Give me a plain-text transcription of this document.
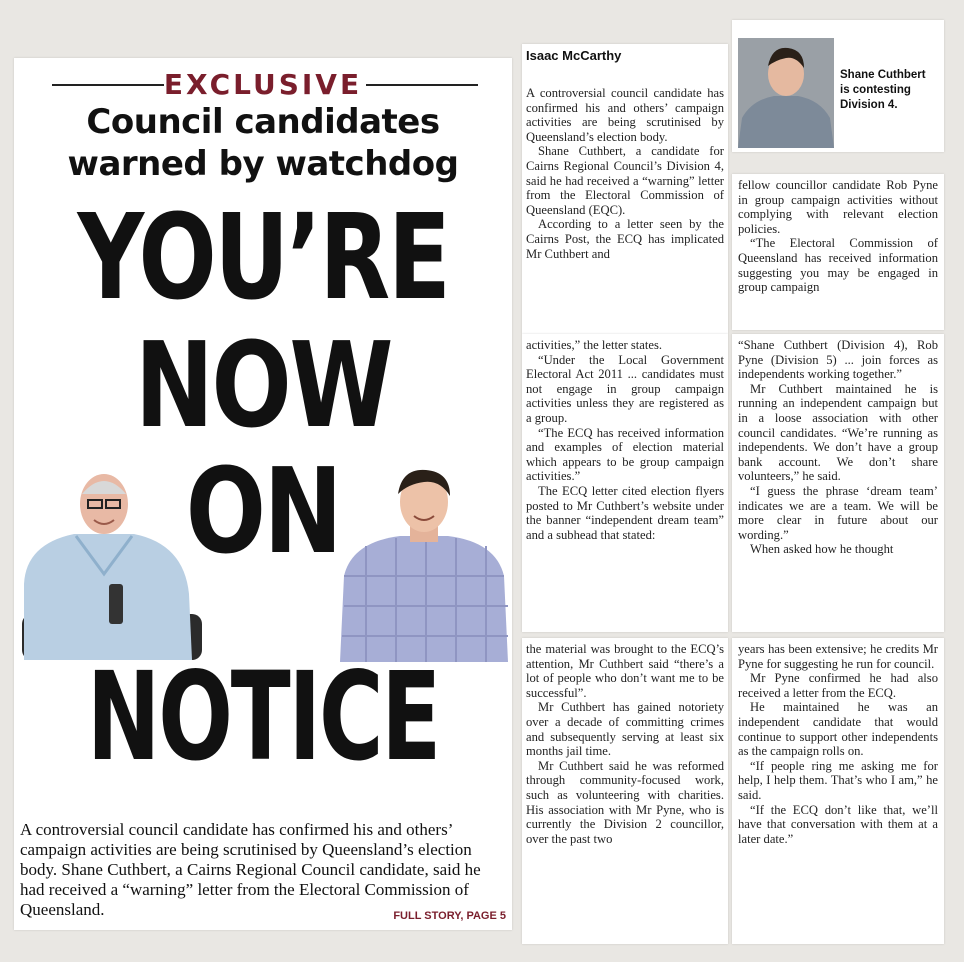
EXCLUSIVE
Council candidates
warned by watchdog
YOU’RE
NOW
ON
NOTICE
A controversial council candidate has confirmed his and others’ campaign activities are being scrutinised by Queensland’s election body. Shane Cuthbert, a Cairns Regional Council candidate, said he had received a “warning” letter from the Electoral Commission of Queensland.	FULL STORY, PAGE 5
Isaac McCarthy

A controversial council candidate has confirmed his and others’ campaign activities are being scrutinised by Queensland’s election body.

Shane Cuthbert, a candidate for Cairns Regional Council’s Division 4, said he had received a “warning” letter from the Electoral Commission of Queensland (EQC).

According to a letter seen by the Cairns Post, the ECQ has implicated Mr Cuthbert and

Shane Cuthbert is contesting Division 4.

fellow councillor candidate Rob Pyne in group campaign activities without complying with relevant election policies.

“The Electoral Commission of Queensland has received information suggesting you may be engaged in group campaign

activities,” the letter states.

“Under the Local Government Electoral Act 2011 ... candidates must not engage in group campaign activities unless they are registered as a group.

“The ECQ has received information and examples of election material which appears to be group campaign activities.”

The ECQ letter cited election flyers posted to Mr Cuthbert’s website under the banner “independent dream team” and a subhead that stated:

“Shane Cuthbert (Division 4), Rob Pyne (Division 5) ... join forces as independents working together.”

Mr Cuthbert maintained he is running an independent campaign but in a loose association with other council candidates. “We’re running as independents. We don’t have a group bank account. We don’t share volunteers,” he said.

“I guess the phrase ‘dream team’ indicates we are a team. We will be more clear in future about our wording.”

When asked how he thought

the material was brought to the ECQ’s attention, Mr Cuthbert said “there’s a lot of people who don’t want me to be successful”.

Mr Cuthbert has gained notoriety over a decade of committing crimes and subsequently serving at least six months jail time.

Mr Cuthbert said he was reformed through community-focused work, such as volunteering with charities. His association with Mr Pyne, who is currently the Division 2 councillor, over the past two

years has been extensive; he credits Mr Pyne for suggesting he run for council.

Mr Pyne confirmed he had also received a letter from the ECQ.

He maintained he was an independent candidate that would continue to support other independents as the campaign rolls on.

“If people ring me asking me for help, I help them. That’s who I am,” he said.

“If the ECQ don’t like that, we’ll have that conversation with them at a later date.”
